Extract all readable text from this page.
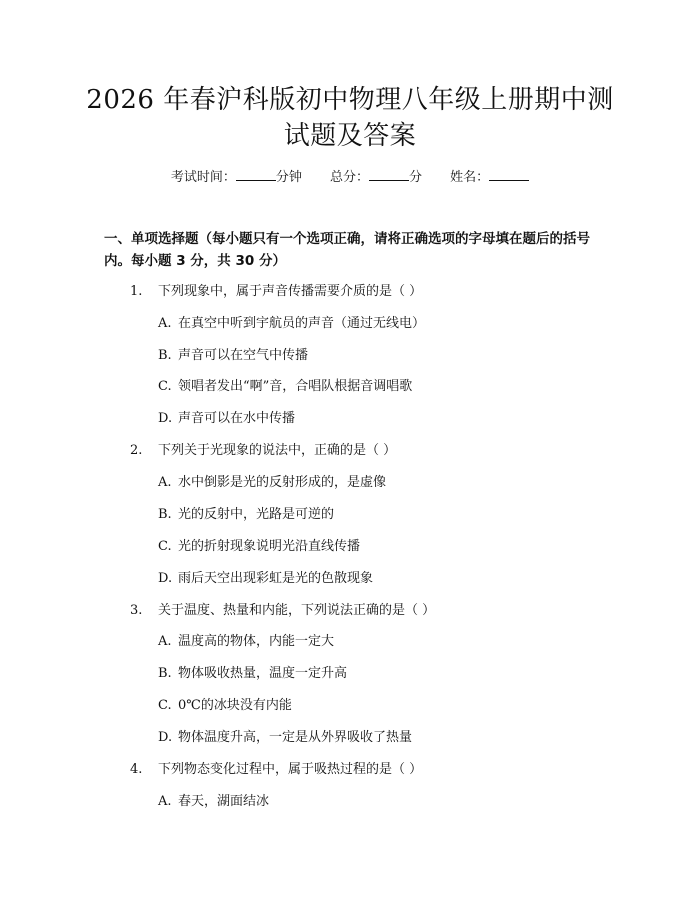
2026 年春沪科版初中物理八年级上册期中测
试题及答案
考试时间：	分钟 总分：	分 姓名：
一、单项选择题（每小题只有一个选项正确，请将正确选项的字母填在题后的括号内。每小题 3 分，共 30 分）
1. 下列现象中，属于声音传播需要介质的是（ ）
A. 在真空中听到宇航员的声音（通过无线电）
B. 声音可以在空气中传播
C. 领唱者发出“啊”音，合唱队根据音调唱歌
D. 声音可以在水中传播
2. 下列关于光现象的说法中，正确的是（ ）
A. 水中倒影是光的反射形成的，是虚像
B. 光的反射中，光路是可逆的
C. 光的折射现象说明光沿直线传播
D. 雨后天空出现彩虹是光的色散现象
3. 关于温度、热量和内能，下列说法正确的是（ ）
A. 温度高的物体，内能一定大
B. 物体吸收热量，温度一定升高
C. 0℃的冰块没有内能
D. 物体温度升高，一定是从外界吸收了热量
4. 下列物态变化过程中，属于吸热过程的是（ ）
A. 春天，湖面结冰
